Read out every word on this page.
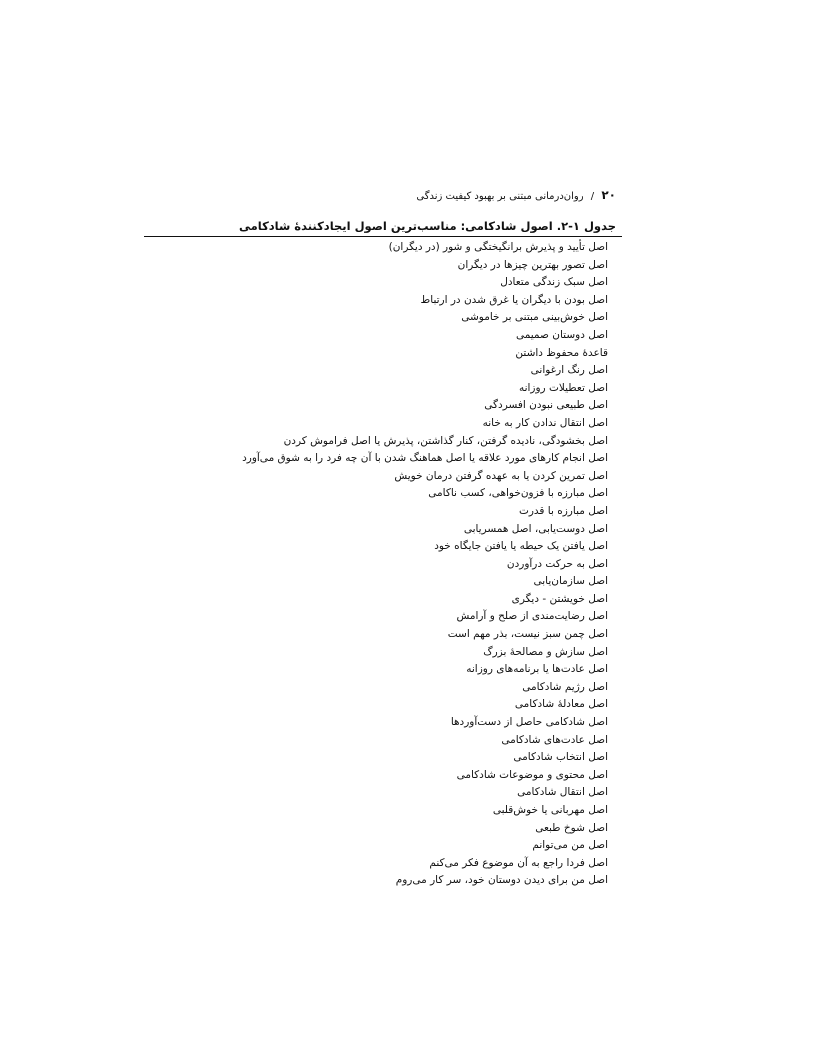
۲۰ / روان‌درمانی مبتنی بر بهبود کیفیت زندگی
جدول ۱-۲. اصول شادکامی: مناسب‌ترین اصول ایجادکنندهٔ شادکامی
اصل تأیید و پذیرش برانگیختگی و شور (در دیگران)
اصل تصور بهترین چیزها در دیگران
اصل سبک زندگی متعادل
اصل بودن با دیگران یا غرق شدن در ارتباط
اصل خوش‌بینی مبتنی بر خاموشی
اصل دوستان صمیمی
قاعدهٔ محفوظ داشتن
اصل رنگ ارغوانی
اصل تعطیلات روزانه
اصل طبیعی نبودن افسردگی
اصل انتقال ندادن کار به خانه
اصل بخشودگی، نادیده گرفتن، کنار گذاشتن، پذیرش یا اصل فراموش کردن
اصل انجام کارهای مورد علاقه یا اصل هماهنگ شدن با آن چه فرد را به شوق می‌آورد
اصل تمرین کردن یا به عهده گرفتن درمان خویش
اصل مبارزه با فزون‌خواهی، کسب ناکامی
اصل مبارزه با قدرت
اصل دوست‌یابی، اصل همسریابی
اصل یافتن یک حیطه یا یافتن جایگاه خود
اصل به حرکت درآوردن
اصل سازمان‌یابی
اصل خویشتن - دیگری
اصل رضایت‌مندی از صلح و آرامش
اصل چمن سبز نیست، بذر مهم است
اصل سازش و مصالحهٔ بزرگ
اصل عادت‌ها یا برنامه‌های روزانه
اصل رژیم شادکامی
اصل معادلهٔ شادکامی
اصل شادکامی حاصل از دست‌آوردها
اصل عادت‌های شادکامی
اصل انتخاب شادکامی
اصل محتوی و موضوعات شادکامی
اصل انتقال شادکامی
اصل مهربانی یا خوش‌قلبی
اصل شوخ طبعی
اصل من می‌توانم
اصل فردا راجع به آن موضوع فکر می‌کنم
اصل من برای دیدن دوستان خود، سر کار می‌روم
